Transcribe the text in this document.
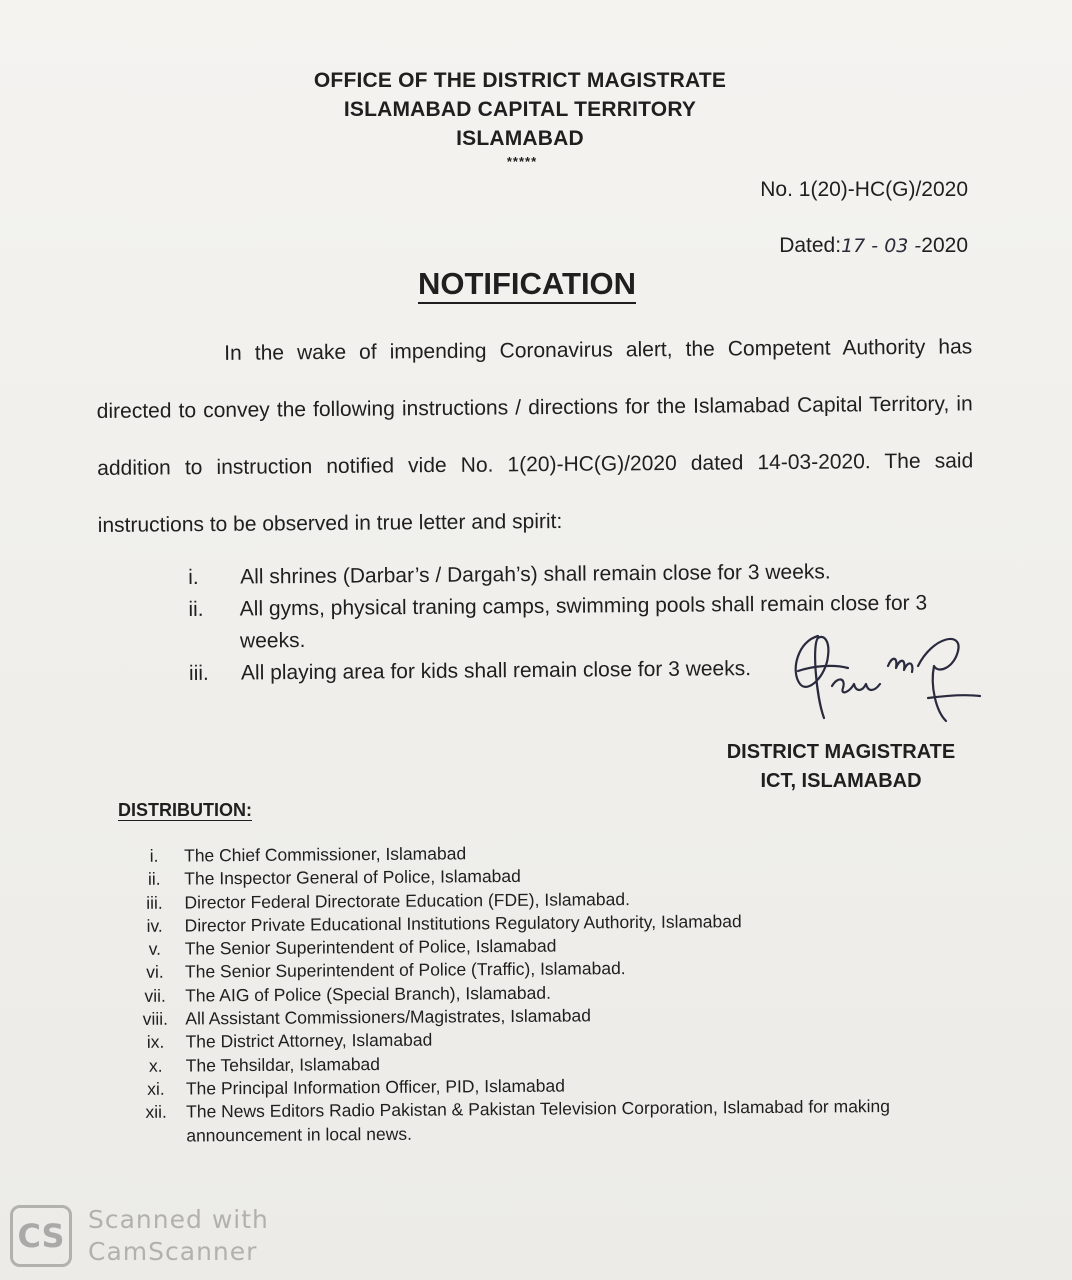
OFFICE OF THE DISTRICT MAGISTRATE
ISLAMABAD CAPITAL TERRITORY
ISLAMABAD
*****
No. 1(20)-HC(G)/2020
Dated:17 - 03 -2020
NOTIFICATION
In the wake of impending Coronavirus alert, the Competent Authority has directed to convey the following instructions / directions for the Islamabad Capital Territory, in addition to instruction notified vide No. 1(20)-HC(G)/2020 dated 14-03-2020. The said instructions to be observed in true letter and spirit:
i.	All shrines (Darbar’s / Dargah’s) shall remain close for 3 weeks.
ii.	All gyms, physical traning camps, swimming pools shall remain close for 3 weeks.
iii.	All playing area for kids shall remain close for 3 weeks.
DISTRICT MAGISTRATE
ICT, ISLAMABAD
DISTRIBUTION:
i.	The Chief Commissioner, Islamabad
ii.	The Inspector General of Police, Islamabad
iii.	Director Federal Directorate Education (FDE), Islamabad.
iv.	Director Private Educational Institutions Regulatory Authority, Islamabad
v.	The Senior Superintendent of Police, Islamabad
vi.	The Senior Superintendent of Police (Traffic), Islamabad.
vii.	The AIG of Police (Special Branch), Islamabad.
viii. All Assistant Commissioners/Magistrates, Islamabad
ix.	The District Attorney, Islamabad
x.	The Tehsildar, Islamabad
xi.	The Principal Information Officer, PID, Islamabad
xii.	The News Editors Radio Pakistan & Pakistan Television Corporation, Islamabad for making announcement in local news.
CS Scanned with
CamScanner
